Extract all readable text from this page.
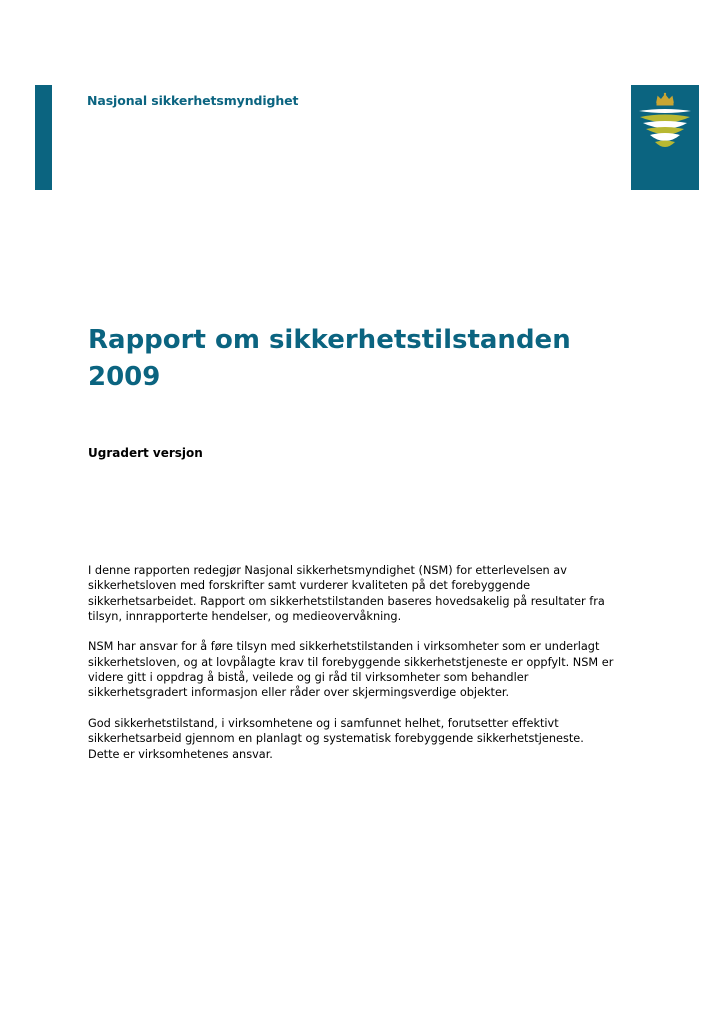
Nasjonal sikkerhetsmyndighet
NSM
Rapport om sikkerhetstilstanden
2009
Ugradert versjon

I denne rapporten redegjør Nasjonal sikkerhetsmyndighet (NSM) for etterlevelsen av
sikkerhetsloven med forskrifter samt vurderer kvaliteten på det forebyggende
sikkerhetsarbeidet. Rapport om sikkerhetstilstanden baseres hovedsakelig på resultater fra
tilsyn, innrapporterte hendelser, og medieovervåkning.

NSM har ansvar for å føre tilsyn med sikkerhetstilstanden i virksomheter som er underlagt
sikkerhetsloven, og at lovpålagte krav til forebyggende sikkerhetstjeneste er oppfylt. NSM er
videre gitt i oppdrag å bistå, veilede og gi råd til virksomheter som behandler
sikkerhetsgradert informasjon eller råder over skjermingsverdige objekter.

God sikkerhetstilstand, i virksomhetene og i samfunnet helhet, forutsetter effektivt
sikkerhetsarbeid gjennom en planlagt og systematisk forebyggende sikkerhetstjeneste.
Dette er virksomhetenes ansvar.
